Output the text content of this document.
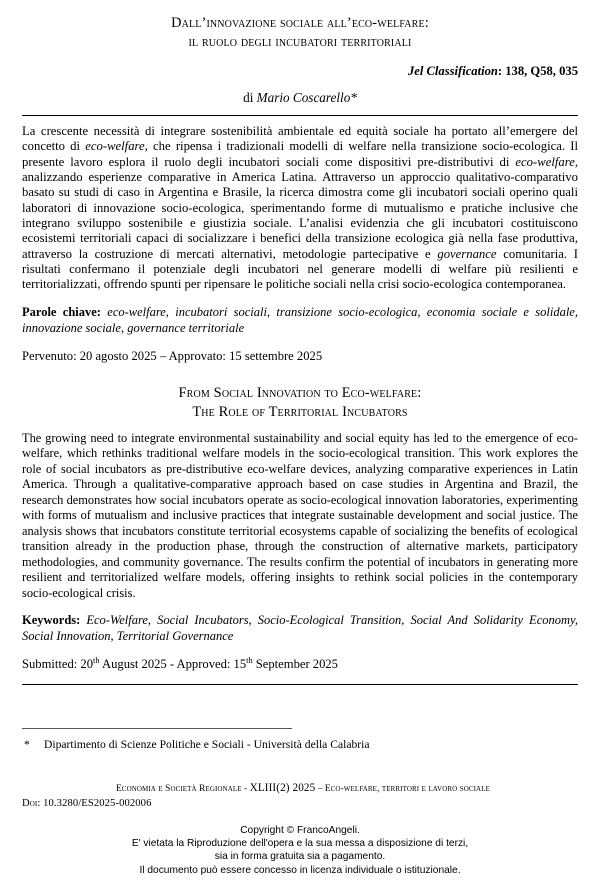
Dall’innovazione sociale all’eco-welfare:
il ruolo degli incubatori territoriali
Jel Classification: 138, Q58, 035
di Mario Coscarello*

La crescente necessità di integrare sostenibilità ambientale ed equità sociale ha portato all’emergere del concetto di eco-welfare, che ripensa i tradizionali modelli di welfare nella transizione socio-ecologica. Il presente lavoro esplora il ruolo degli incubatori sociali come dispositivi pre-distributivi di eco-welfare, analizzando esperienze comparative in America Latina. Attraverso un approccio qualitativo-comparativo basato su studi di caso in Argentina e Brasile, la ricerca dimostra come gli incubatori sociali operino quali laboratori di innovazione socio-ecologica, sperimentando forme di mutualismo e pratiche inclusive che integrano sviluppo sostenibile e giustizia sociale. L’analisi evidenzia che gli incubatori costituiscono ecosistemi territoriali capaci di socializzare i benefici della transizione ecologica già nella fase produttiva, attraverso la costruzione di mercati alternativi, metodologie partecipative e governance comunitaria. I risultati confermano il potenziale degli incubatori nel generare modelli di welfare più resilienti e territorializzati, offrendo spunti per ripensare le politiche sociali nella crisi socio-ecologica contemporanea.

Parole chiave: eco-welfare, incubatori sociali, transizione socio-ecologica, economia sociale e solidale, innovazione sociale, governance territoriale

Pervenuto: 20 agosto 2025 – Approvato: 15 settembre 2025

From Social Innovation to Eco-welfare:
The Role of Territorial Incubators

The growing need to integrate environmental sustainability and social equity has led to the emergence of eco-welfare, which rethinks traditional welfare models in the socio-ecological transition. This work explores the role of social incubators as pre-distributive eco-welfare devices, analyzing comparative experiences in Latin America. Through a qualitative-comparative approach based on case studies in Argentina and Brazil, the research demonstrates how social incubators operate as socio-ecological innovation laboratories, experimenting with forms of mutualism and inclusive practices that integrate sustainable development and social justice. The analysis shows that incubators constitute territorial ecosystems capable of socializing the benefits of ecological transition already in the production phase, through the construction of alternative markets, participatory methodologies, and community governance. The results confirm the potential of incubators in generating more resilient and territorialized welfare models, offering insights to rethink social policies in the contemporary socio-ecological crisis.

Keywords: Eco-Welfare, Social Incubators, Socio-Ecological Transition, Social And Solidarity Economy, Social Innovation, Territorial Governance

Submitted: 20th August 2025 - Approved: 15th September 2025

* Dipartimento di Scienze Politiche e Sociali - Università della Calabria
Economia e Società Regionale - XLIII(2) 2025 – Eco-welfare, territori e lavoro sociale
Doi: 10.3280/ES2025-002006
Copyright © FrancoAngeli.
E' vietata la Riproduzione dell'opera e la sua messa a disposizione di terzi,
sia in forma gratuita sia a pagamento.
Il documento può essere concesso in licenza individuale o istituzionale.
